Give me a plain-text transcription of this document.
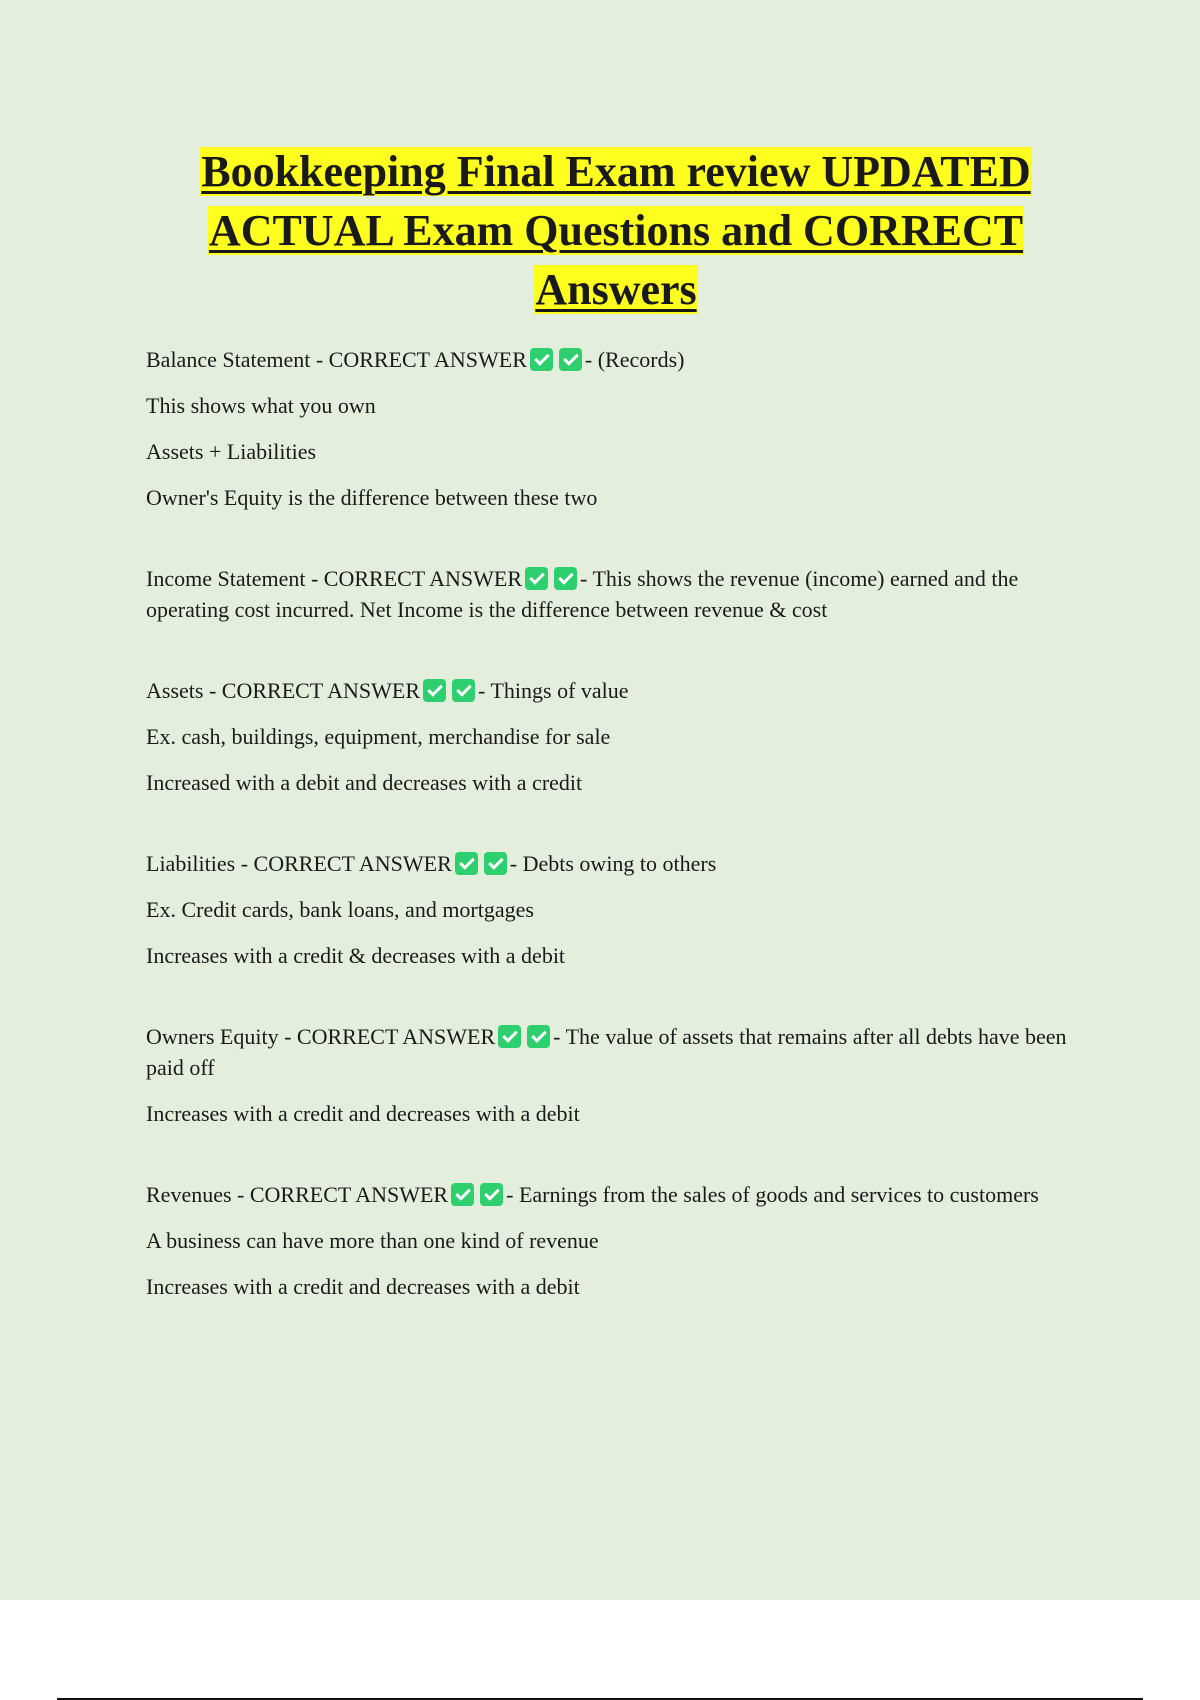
Bookkeeping Final Exam review UPDATED ACTUAL Exam Questions and CORRECT Answers

Balance Statement - CORRECT ANSWER	- (Records)

This shows what you own

Assets + Liabilities

Owner's Equity is the difference between these two

Income Statement - CORRECT ANSWER	- This shows the revenue (income) earned and the operating cost incurred. Net Income is the difference between revenue & cost

Assets - CORRECT ANSWER	- Things of value

Ex. cash, buildings, equipment, merchandise for sale

Increased with a debit and decreases with a credit

Liabilities - CORRECT ANSWER	- Debts owing to others

Ex. Credit cards, bank loans, and mortgages

Increases with a credit & decreases with a debit

Owners Equity - CORRECT ANSWER	- The value of assets that remains after all debts have been paid off

Increases with a credit and decreases with a debit

Revenues - CORRECT ANSWER	- Earnings from the sales of goods and services to customers

A business can have more than one kind of revenue

Increases with a credit and decreases with a debit
